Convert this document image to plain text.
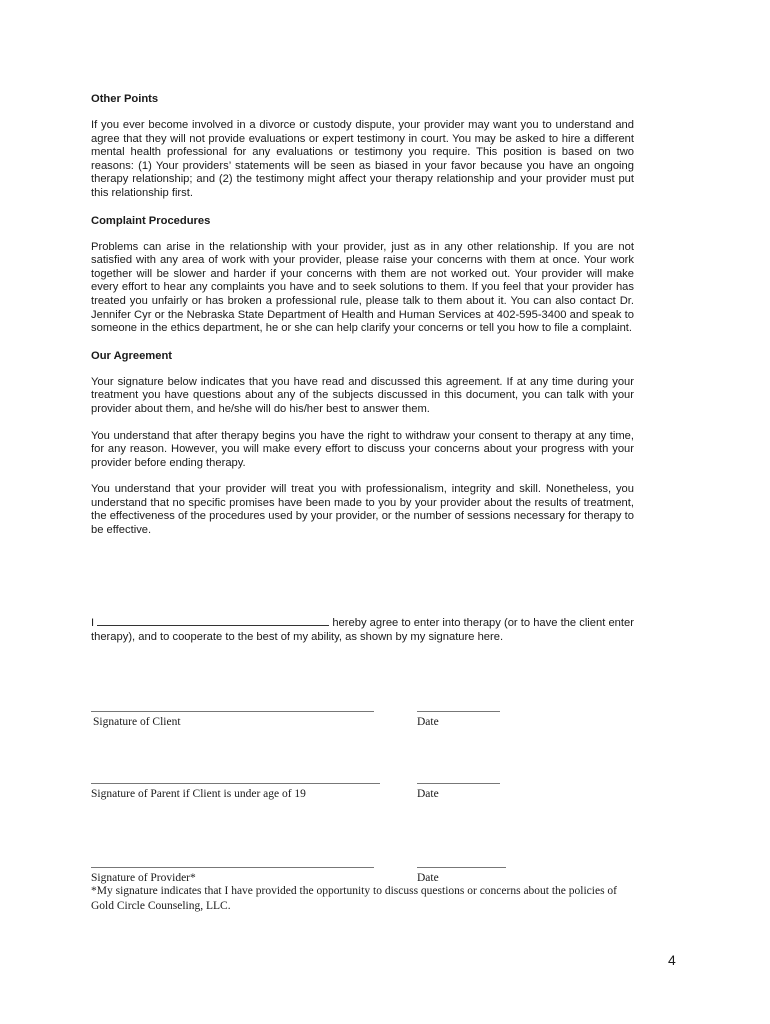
Other Points

If you ever become involved in a divorce or custody dispute, your provider may want you to understand and agree that they will not provide evaluations or expert testimony in court. You may be asked to hire a different mental health professional for any evaluations or testimony you require. This position is based on two reasons: (1) Your providers’ statements will be seen as biased in your favor because you have an ongoing therapy relationship; and (2) the testimony might affect your therapy relationship and your provider must put this relationship first.

Complaint Procedures

Problems can arise in the relationship with your provider, just as in any other relationship. If you are not satisfied with any area of work with your provider, please raise your concerns with them at once. Your work together will be slower and harder if your concerns with them are not worked out. Your provider will make every effort to hear any complaints you have and to seek solutions to them. If you feel that your provider has treated you unfairly or has broken a professional rule, please talk to them about it. You can also contact Dr. Jennifer Cyr or the Nebraska State Department of Health and Human Services at 402-595-3400 and speak to someone in the ethics department, he or she can help clarify your concerns or tell you how to file a complaint.

Our Agreement

Your signature below indicates that you have read and discussed this agreement. If at any time during your treatment you have questions about any of the subjects discussed in this document, you can talk with your provider about them, and he/she will do his/her best to answer them.

You understand that after therapy begins you have the right to withdraw your consent to therapy at any time, for any reason. However, you will make every effort to discuss your concerns about your progress with your provider before ending therapy.

You understand that your provider will treat you with professionalism, integrity and skill. Nonetheless, you understand that no specific promises have been made to you by your provider about the results of treatment, the effectiveness of the procedures used by your provider, or the number of sessions necessary for therapy to be effective.

I	hereby agree to enter into therapy (or to have the client enter therapy), and to cooperate to the best of my ability, as shown by my signature here.
Signature of Client	Date
Signature of Parent if Client is under age of 19	Date
Signature of Provider*	Date
*My signature indicates that I have provided the opportunity to discuss questions or concerns about the policies of Gold Circle Counseling, LLC.
4
